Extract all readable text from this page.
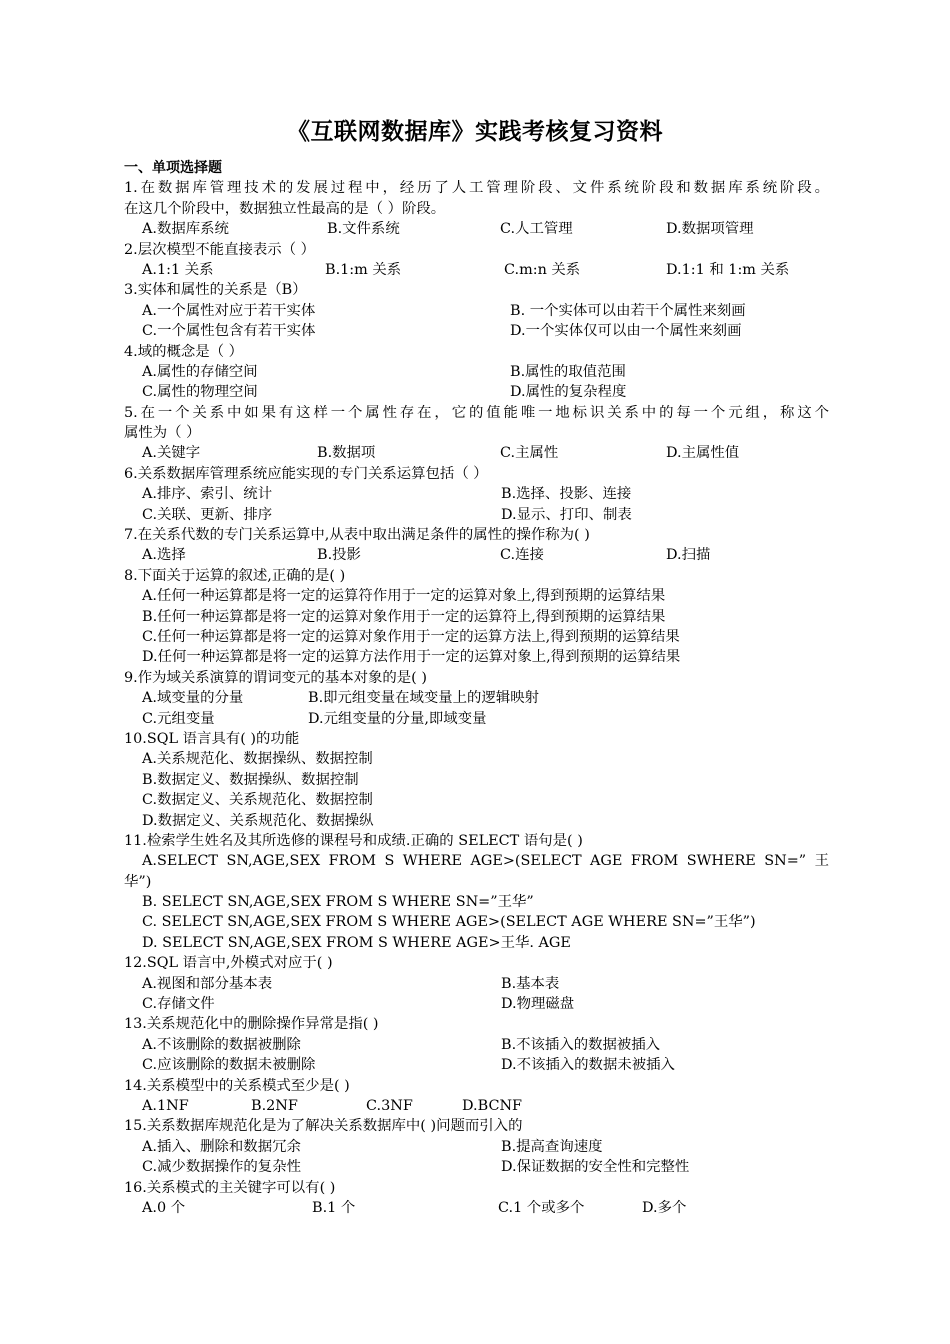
《互联网数据库》实践考核复习资料
一、单项选择题
1.在数据库管理技术的发展过程中，经历了人工管理阶段、文件系统阶段和数据库系统阶段。
在这几个阶段中，数据独立性最高的是（ ）阶段。
A.数据库系统	B.文件系统	C.人工管理	D.数据项管理
2.层次模型不能直接表示（ ）
A.1:1 关系	B.1:m 关系	C.m:n 关系	D.1:1 和 1:m 关系
3.实体和属性的关系是（B）
A.一个属性对应于若干实体	B. 一个实体可以由若干个属性来刻画
C.一个属性包含有若干实体	D.一个实体仅可以由一个属性来刻画
4.域的概念是（ ）
A.属性的存储空间	B.属性的取值范围
C.属性的物理空间	D.属性的复杂程度
5.在一个关系中如果有这样一个属性存在，它的值能唯一地标识关系中的每一个元组，称这个
属性为（ ）
A.关键字	B.数据项	C.主属性	D.主属性值
6.关系数据库管理系统应能实现的专门关系运算包括（ ）
A.排序、索引、统计	B.选择、投影、连接
C.关联、更新、排序	D.显示、打印、制表
7.在关系代数的专门关系运算中,从表中取出满足条件的属性的操作称为( )
A.选择	B.投影	C.连接	D.扫描
8.下面关于运算的叙述,正确的是( )
A.任何一种运算都是将一定的运算符作用于一定的运算对象上,得到预期的运算结果
B.任何一种运算都是将一定的运算对象作用于一定的运算符上,得到预期的运算结果
C.任何一种运算都是将一定的运算对象作用于一定的运算方法上,得到预期的运算结果
D.任何一种运算都是将一定的运算方法作用于一定的运算对象上,得到预期的运算结果
9.作为域关系演算的谓词变元的基本对象的是( )
A.域变量的分量	B.即元组变量在域变量上的逻辑映射
C.元组变量	D.元组变量的分量,即域变量
10.SQL 语言具有( )的功能
A.关系规范化、数据操纵、数据控制
B.数据定义、数据操纵、数据控制
C.数据定义、关系规范化、数据控制
D.数据定义、关系规范化、数据操纵
11.检索学生姓名及其所选修的课程号和成绩.正确的 SELECT 语句是( )
A.SELECT SN,AGE,SEX FROM S WHERE AGE>(SELECT AGE FROM SWHERE SN=” 王
华”)
B. SELECT SN,AGE,SEX FROM S WHERE SN=”王华”
C. SELECT SN,AGE,SEX FROM S WHERE AGE>(SELECT AGE WHERE SN=”王华”)
D. SELECT SN,AGE,SEX FROM S WHERE AGE>王华. AGE
12.SQL 语言中,外模式对应于( )
A.视图和部分基本表	B.基本表
C.存储文件	D.物理磁盘
13.关系规范化中的删除操作异常是指( )
A.不该删除的数据被删除	B.不该插入的数据被插入
C.应该删除的数据未被删除	D.不该插入的数据未被插入
14.关系模型中的关系模式至少是( )
A.1NF	B.2NF	C.3NF	D.BCNF
15.关系数据库规范化是为了解决关系数据库中( )问题而引入的
A.插入、删除和数据冗余	B.提高查询速度
C.减少数据操作的复杂性	D.保证数据的安全性和完整性
16.关系模式的主关键字可以有( )
A.0 个	B.1 个	C.1 个或多个	D.多个
